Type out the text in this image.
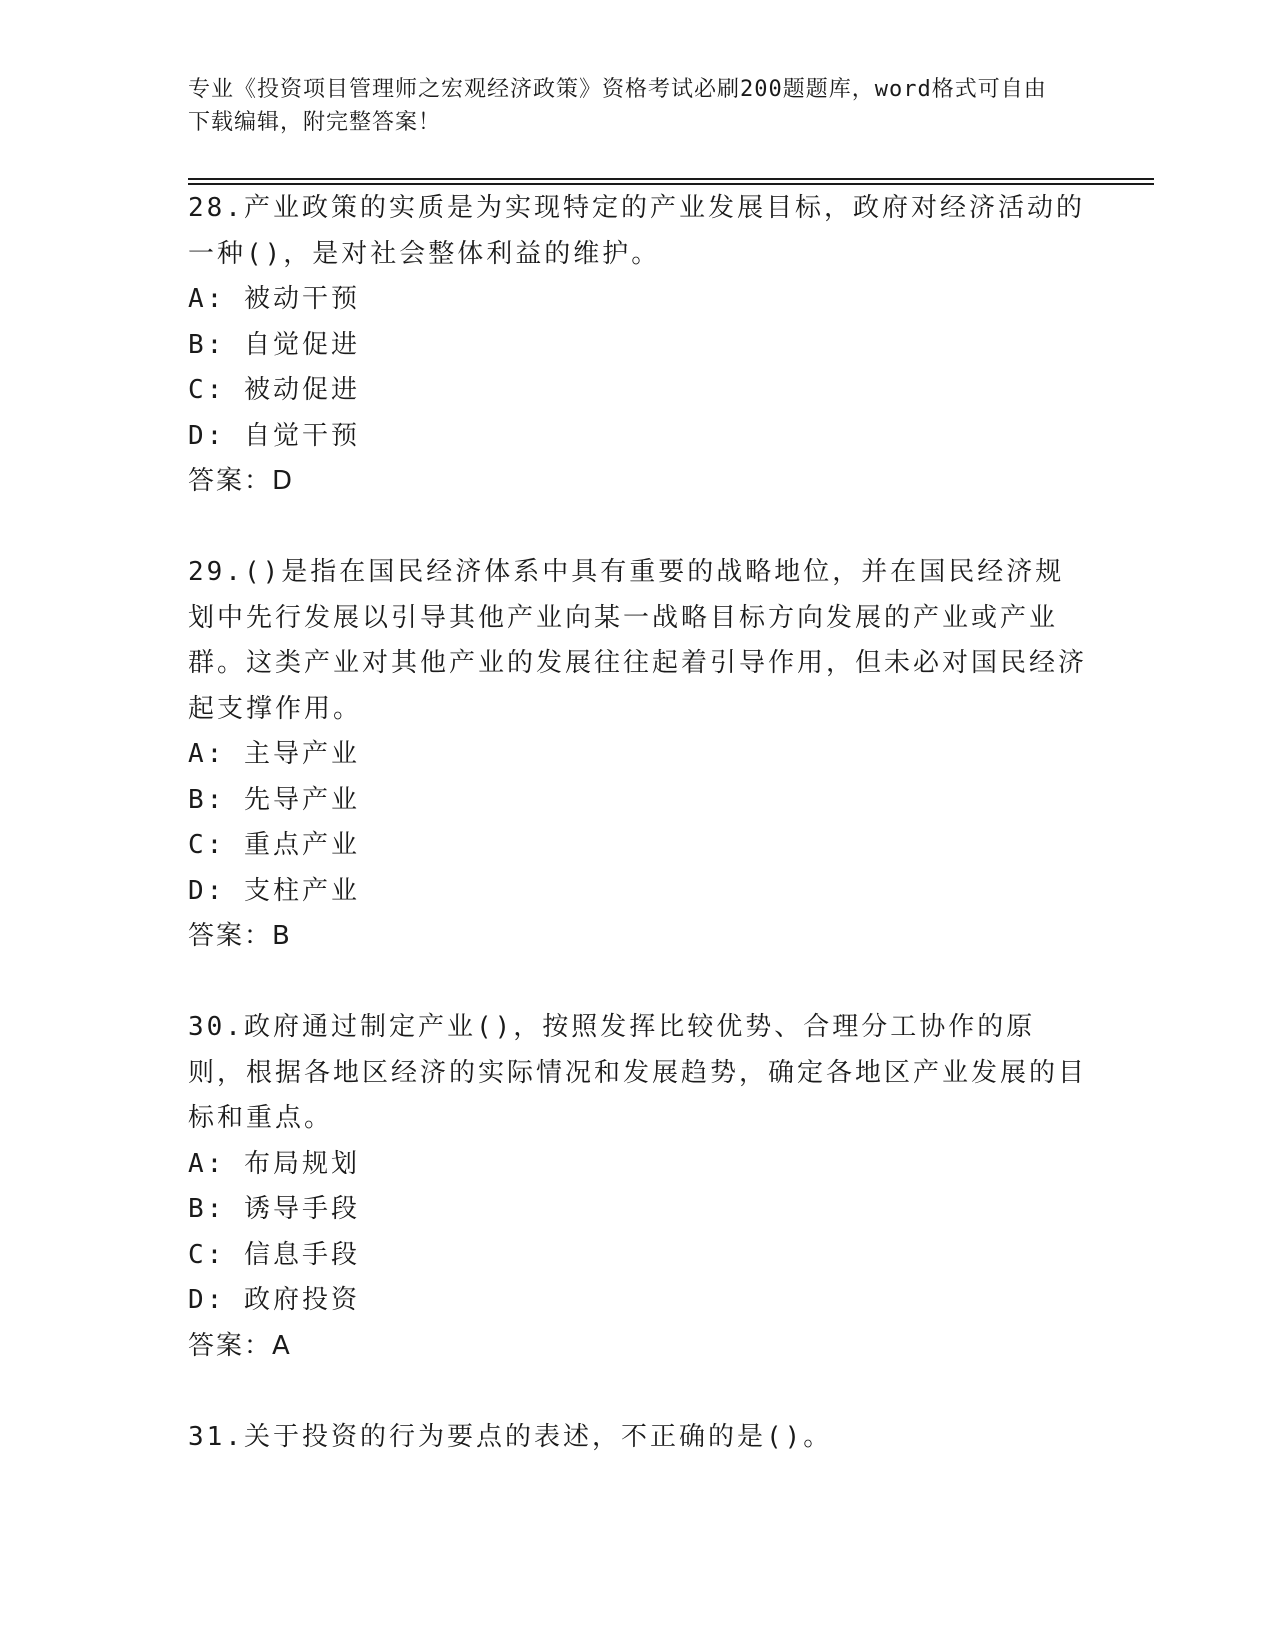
专业《投资项目管理师之宏观经济政策》资格考试必刷200题题库，word格式可自由下载编辑，附完整答案！

28.产业政策的实质是为实现特定的产业发展目标，政府对经济活动的一种()，是对社会整体利益的维护。

A: 被动干预

B: 自觉促进

C: 被动促进

D: 自觉干预

答案：D

29.()是指在国民经济体系中具有重要的战略地位，并在国民经济规划中先行发展以引导其他产业向某一战略目标方向发展的产业或产业群。这类产业对其他产业的发展往往起着引导作用，但未必对国民经济起支撑作用。

A: 主导产业

B: 先导产业

C: 重点产业

D: 支柱产业

答案：B

30.政府通过制定产业()，按照发挥比较优势、合理分工协作的原则，根据各地区经济的实际情况和发展趋势，确定各地区产业发展的目标和重点。

A: 布局规划

B: 诱导手段

C: 信息手段

D: 政府投资

答案：A

31.关于投资的行为要点的表述，不正确的是()。
